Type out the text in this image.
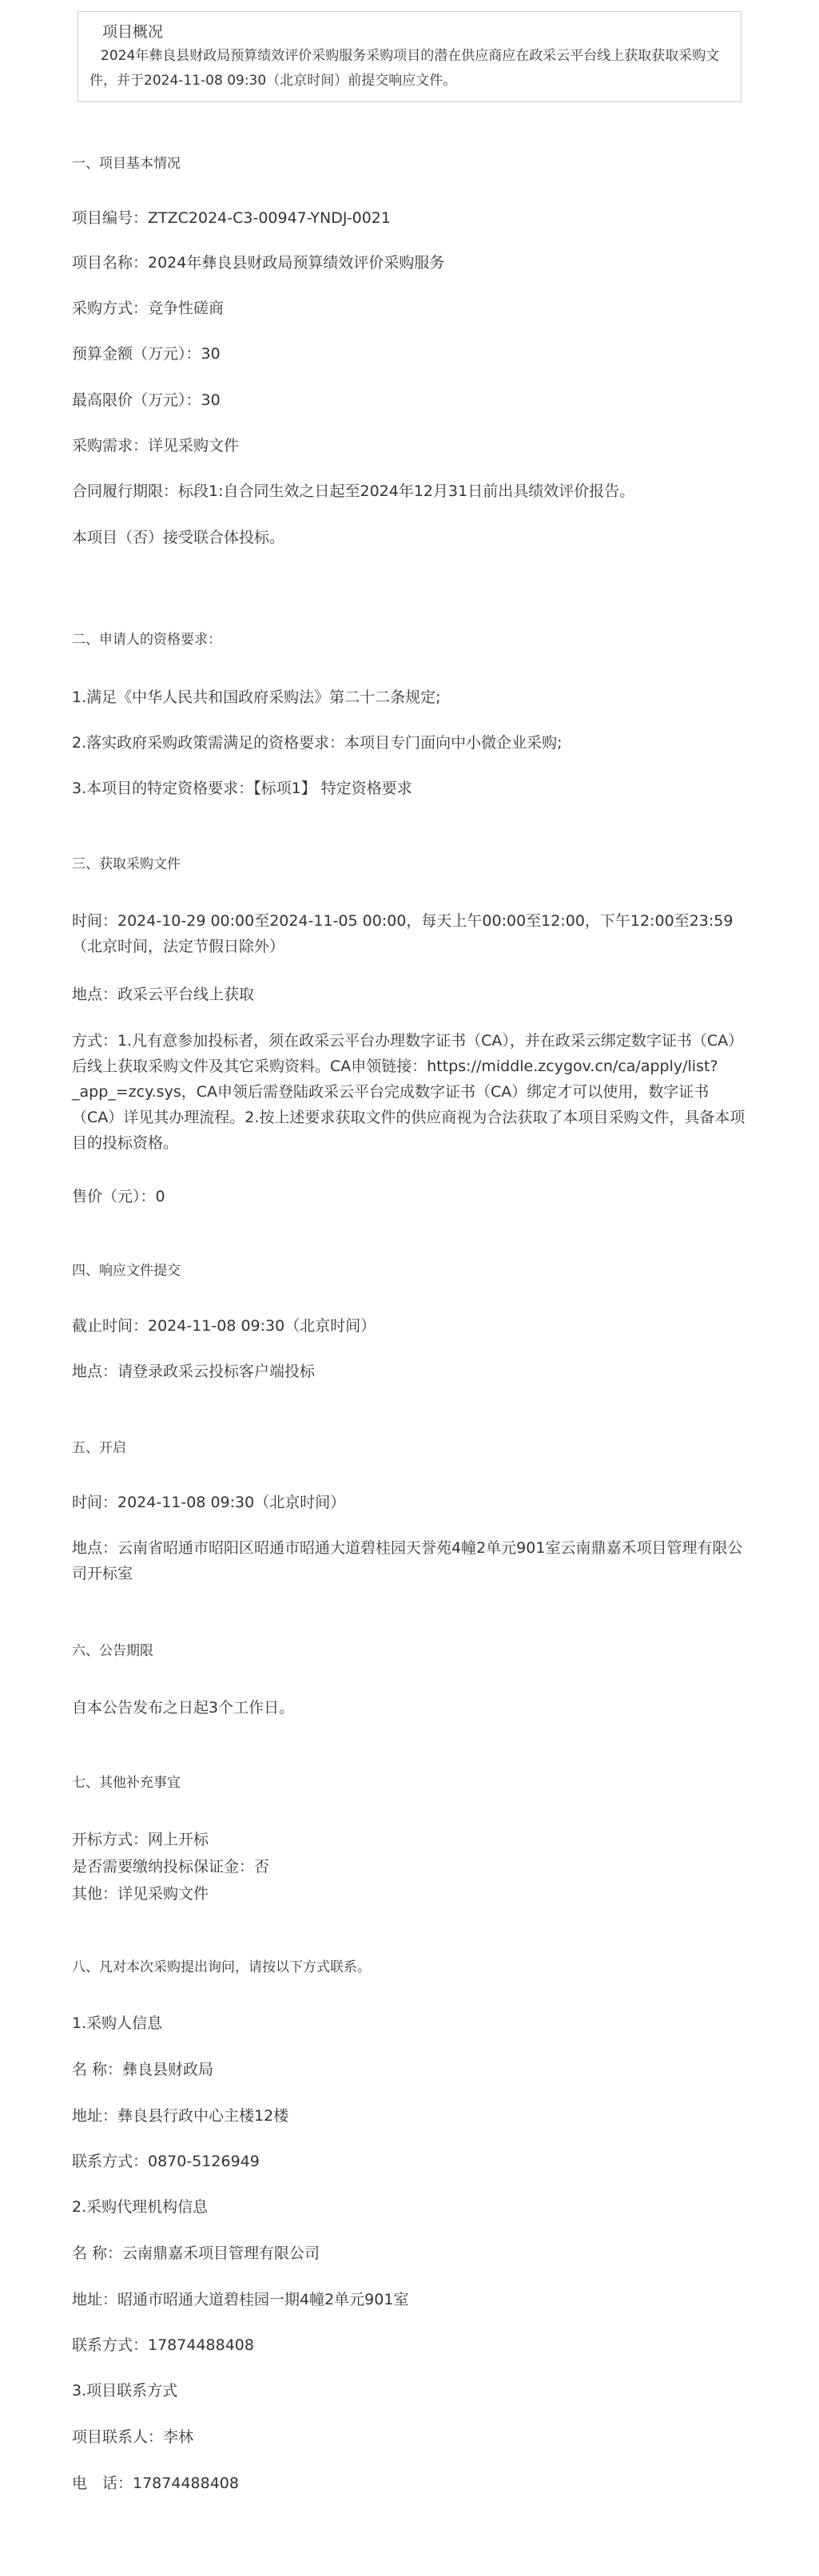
项目概况
2024年彝良县财政局预算绩效评价采购服务采购项目的潜在供应商应在政采云平台线上获取获取采购文件，并于2024-11-08 09:30（北京时间）前提交响应文件。

一、项目基本情况

项目编号：ZTZC2024-C3-00947-YNDJ-0021

项目名称：2024年彝良县财政局预算绩效评价采购服务

采购方式：竞争性磋商

预算金额（万元）：30

最高限价（万元）：30

采购需求：详见采购文件

合同履行期限：标段1:自合同生效之日起至2024年12月31日前出具绩效评价报告。

本项目（否）接受联合体投标。

二、申请人的资格要求：

1.满足《中华人民共和国政府采购法》第二十二条规定;

2.落实政府采购政策需满足的资格要求：本项目专门面向中小微企业采购;

3.本项目的特定资格要求：【标项1】 特定资格要求

三、获取采购文件

时间：2024-10-29 00:00至2024-11-05 00:00，每天上午00:00至12:00，下午12:00至23:59（北京时间，法定节假日除外）

地点：政采云平台线上获取

方式：1.凡有意参加投标者，须在政采云平台办理数字证书（CA），并在政采云绑定数字证书（CA）后线上获取采购文件及其它采购资料。CA申领链接：https://middle.zcygov.cn/ca/apply/list?_app_=zcy.sys，CA申领后需登陆政采云平台完成数字证书（CA）绑定才可以使用，数字证书（CA）详见其办理流程。2.按上述要求获取文件的供应商视为合法获取了本项目采购文件，具备本项目的投标资格。

售价（元）：0

四、响应文件提交

截止时间：2024-11-08 09:30（北京时间）

地点：请登录政采云投标客户端投标

五、开启

时间：2024-11-08 09:30（北京时间）

地点：云南省昭通市昭阳区昭通市昭通大道碧桂园天誉苑4幢2单元901室云南鼎嘉禾项目管理有限公司开标室

六、公告期限

自本公告发布之日起3个工作日。

七、其他补充事宜

开标方式：网上开标

是否需要缴纳投标保证金：否

其他：详见采购文件

八、凡对本次采购提出询问，请按以下方式联系。

1.采购人信息

名 称：彝良县财政局

地址：彝良县行政中心主楼12楼

联系方式：0870-5126949

2.采购代理机构信息

名 称：云南鼎嘉禾项目管理有限公司

地址：昭通市昭通大道碧桂园一期4幢2单元901室

联系方式：17874488408

3.项目联系方式

项目联系人：李林

电　话：17874488408
